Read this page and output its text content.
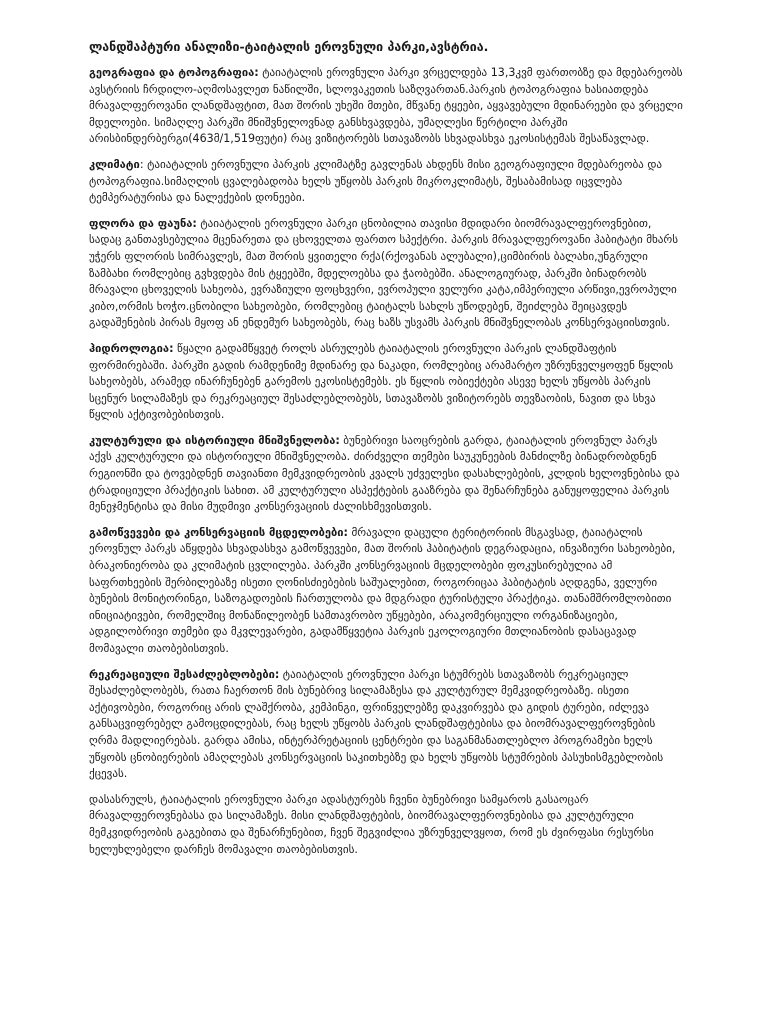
ლანდშაპტური ანალიზი-ტაიტალის ეროვნული პარკი,ავსტრია.
გეოგრაფია და ტოპოგრაფია: ტაიატალის ეროვნული პარკი ვრცელდება 13,3კვმ ფართობზე და მდებარეობს ავსტრიის ჩრდილო-აღმოსავლეთ ნაწილში, სლოვაკეთის საზღვართან.პარკის ტოპოგრაფია ხასიათდება მრავალფეროვანი ლანდშაფტით, მათ შორის უხეში მთები, მწვანე ტყეები, აყვავებული მდინარეები და ვრცელი მდელოები. სიმაღლე პარკში მნიშვნელოვნად განსხვავდება, უმაღლესი წერტილი პარკში არისბინდერბერგი(463მ/1,519ფუტი) რაც ვიზიტორებს სთავაზობს სხვადასხვა ეკოსისტემას შესაწავლად.
კლიმატი: ტაიატალის ეროვნული პარკის კლიმატზე გავლენას ახდენს მისი გეოგრაფიული მდებარეობა და ტოპოგრაფია.სიმაღლის ცვალებადობა ხელს უწყობს პარკის მიკროკლიმატს, შესაბამისად იცვლება ტემპერატურისა და ნალექების დონეები.
ფლორა და ფაუნა: ტაიატალის ეროვნული პარკი ცნობილია თავისი მდიდარი ბიომრავალფეროვნებით, სადაც განთავსებულია მცენარეთა და ცხოველთა ფართო სპექტრი. პარკის მრავალფეროვანი ჰაბიტატი მხარს უჭერს ფლორის სიმრავლეს, მათ შორის ყვითელი რქა(რქოვანას ალუბალი),ციმბირის ბალახი,უნგრული ზამბახი რომლებიც გვხვდება მის ტყეებში, მდელოებსა და ჭაობებში. ანალოგიურად, პარკში ბინადრობს მრავალი ცხოველის სახეობა, ევრაზიული ფოცხვერი, ევროპული ველური კატა,იმპერიული არწივი,ევროპული კიბო,ორმის ხოჭო.ცნობილი სახეობები, რომლებიც ტაიტალს სახლს უწოდებენ, შეიძლება შეიცავდეს გადაშენების პირას მყოფ ან ენდემურ სახეობებს, რაც ხაზს უსვამს პარკის მნიშვნელობას კონსერვაციისთვის.
ჰიდროლოგია: წყალი გადამწყვეტ როლს ასრულებს ტაიატალის ეროვნული პარკის ლანდშაფტის ფორმირებაში. პარკში გადის რამდენიმე მდინარე და ნაკადი, რომლებიც არამარტო უზრუნველყოფენ წყლის სახეობებს, არამედ ინარჩუნებენ გარემოს ეკოსისტემებს. ეს წყლის ობიექტები ასევე ხელს უწყობს პარკის სცენურ სილამაზეს და რეკრეაციულ შესაძლებლობებს, სთავაზობს ვიზიტორებს თევზაობის, ნავით და სხვა წყლის აქტივობებისთვის.
კულტურული და ისტორიული მნიშვნელობა: ბუნებრივი საოცრების გარდა, ტაიატალის ეროვნულ პარკს აქვს კულტურული და ისტორიული მნიშვნელობა. ძირძველი თემები საუკუნეების მანძილზე ბინადრობდნენ რეგიონში და ტოვებდნენ თავიანთი მემკვიდრეობის კვალს უძველესი დასახლებების, კლდის ხელოვნებისა და ტრადიციული პრაქტიკის სახით. ამ კულტურული ასპექტების გააზრება და შენარჩუნება განუყოფელია პარკის მენეჯმენტისა და მისი მუდმივი კონსერვაციის ძალისხმევისთვის.
გამოწვევები და კონსერვაციის მცდელობები: მრავალი დაცული ტერიტორიის მსგავსად, ტაიატალის ეროვნულ პარკს აწყდება სხვადასხვა გამოწვევები, მათ შორის ჰაბიტატის დეგრადაცია, ინვაზიური სახეობები, ბრაკონიერობა და კლიმატის ცვლილება. პარკში კონსერვაციის მცდელობები ფოკუსირებულია ამ საფრთხეების შერბილებაზე ისეთი ღონისძიებების საშუალებით, როგორიცაა ჰაბიტატის აღდგენა, ველური ბუნების მონიტორინგი, საზოგადოების ჩართულობა და მდგრადი ტურისტული პრაქტიკა. თანამშრომლობითი ინიციატივები, რომელშიც მონაწილეობენ სამთავრობო უწყებები, არაკომერციული ორგანიზაციები, ადგილობრივი თემები და მკვლევარები, გადამწყვეტია პარკის ეკოლოგიური მთლიანობის დასაცავად მომავალი თაობებისთვის.
რეკრეაციული შესაძლებლობები: ტაიატალის ეროვნული პარკი სტუმრებს სთავაზობს რეკრეაციულ შესაძლებლობებს, რათა ჩაერთონ მის ბუნებრივ სილამაზესა და კულტურულ მემკვიდრეობაზე. ისეთი აქტივობები, როგორიც არის ლაშქრობა, კემპინგი, ფრინველებზე დაკვირვება და გიდის ტურები, იძლევა განსაცვიფრებელ გამოცდილებას, რაც ხელს უწყობს პარკის ლანდშაფტებისა და ბიომრავალფეროვნების ღრმა მადლიერებას. გარდა ამისა, ინტერპრეტაციის ცენტრები და საგანმანათლებლო პროგრამები ხელს უწყობს ცნობიერების ამაღლებას კონსერვაციის საკითხებზე და ხელს უწყობს სტუმრების პასუხისმგებლობის ქცევას.
დასასრულს, ტაიატალის ეროვნული პარკი ადასტურებს ჩვენი ბუნებრივი სამყაროს გასაოცარ მრავალფეროვნებასა და სილამაზეს. მისი ლანდშაფტების, ბიომრავალფეროვნებისა და კულტურული მემკვიდრეობის გაგებითა და შენარჩუნებით, ჩვენ შეგვიძლია უზრუნველვყოთ, რომ ეს ძვირფასი რესურსი ხელუხლებელი დარჩეს მომავალი თაობებისთვის.
